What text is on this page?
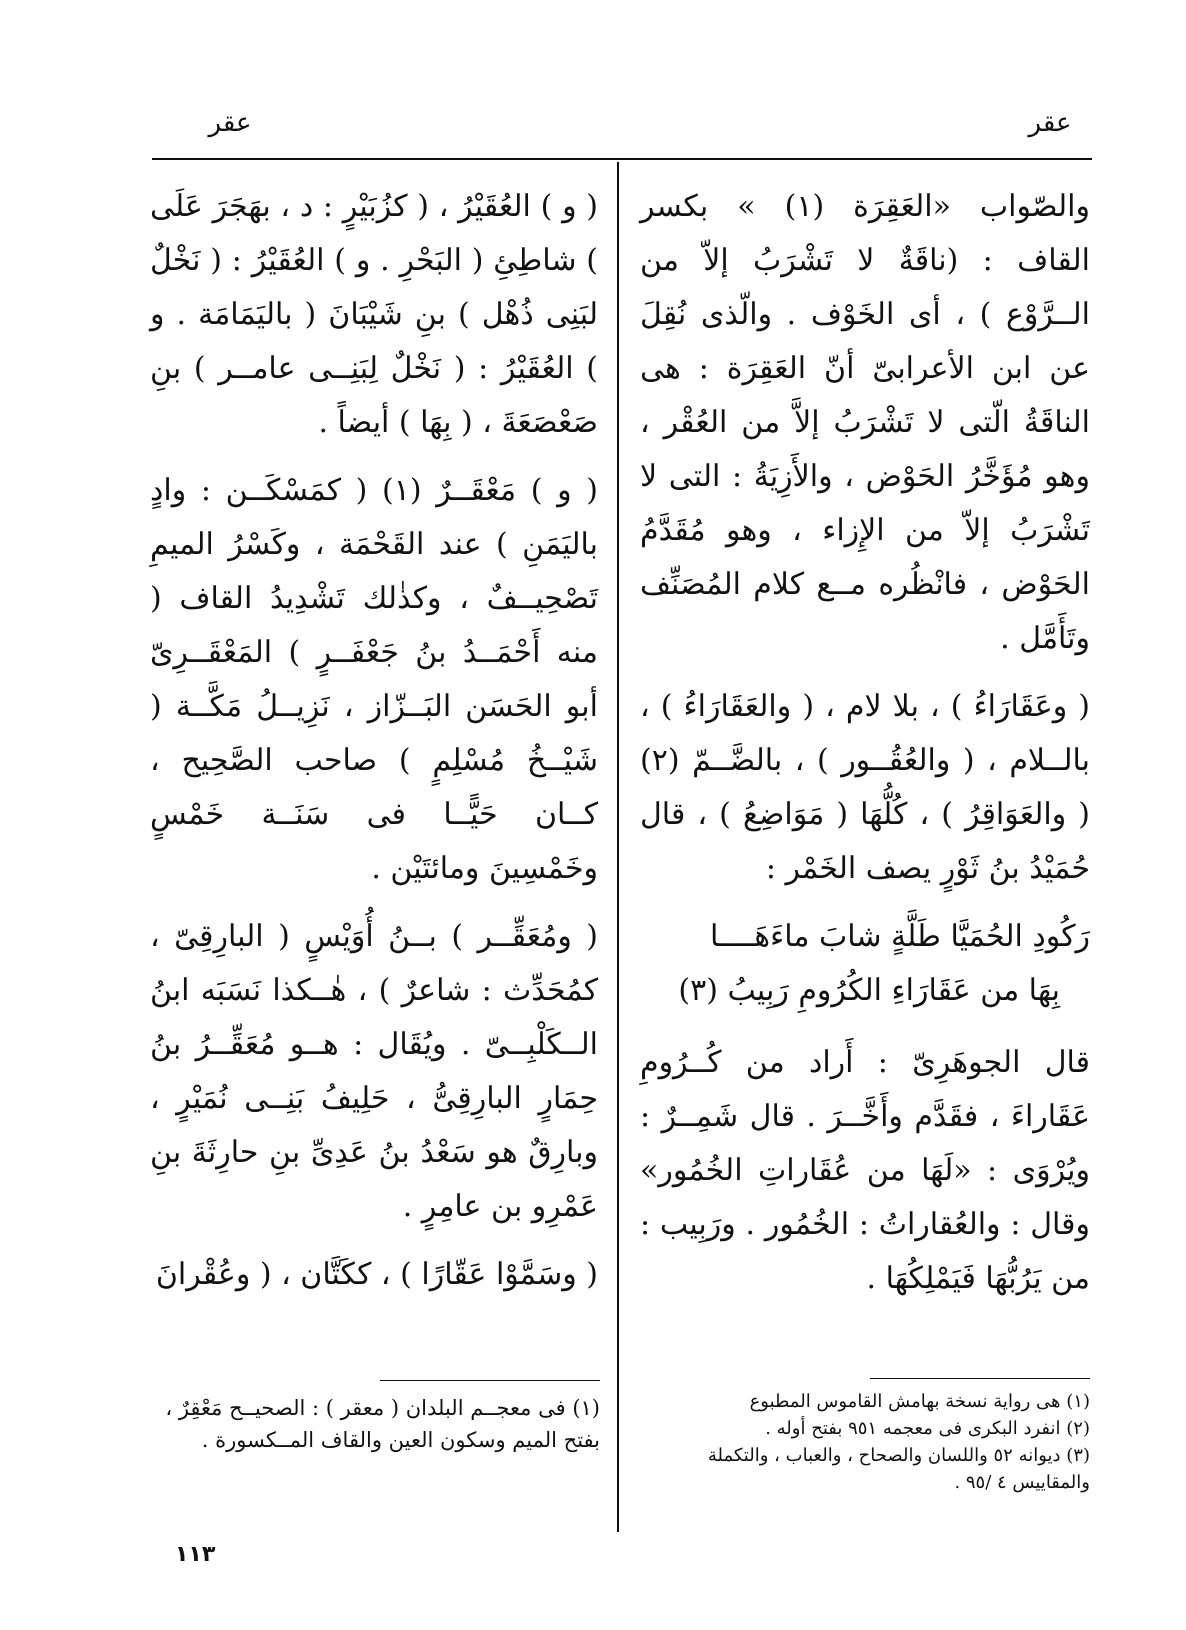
عقر
عقر

والصّواب «العَقِرَة (١) » بكسر القاف : (ناقَةٌ لا تَشْرَبُ إلاّ من الــرَّوْع ) ، أى الخَوْف . والّذى نُقِلَ عن ابن الأعرابىّ أنّ العَقِرَة : هى الناقَةُ الّتى لا تَشْرَبُ إلاَّ من العُقْر ، وهو مُؤَخَّرُ الحَوْض ، والأَزِيَةُ : التى لا تَشْرَبُ إلاّ من الإِزاء ، وهو مُقَدَّمُ الحَوْض ، فانْظُره مــع كلام المُصَنِّف وتَأَمَّل .

( وعَقَارَاءُ ) ، بلا لام ، ( والعَقَارَاءُ ) ، بالــلام ، ( والعُقُــور ) ، بالضَّــمّ (٢) ( والعَوَاقِرُ ) ، كُلُّهَا ( مَوَاضِعُ ) ، قال حُمَيْدُ بنُ ثَوْرٍ يصف الخَمْر :

رَكُودِ الحُمَيَّا طَلَّةٍ شابَ ماءَهَــــا
بِهَا من عَقَارَاءِ الكُرُومِ رَبِيبُ (٣)

قال الجوهَرِىّ : أَراد من كُــرُومِ عَقَاراءَ ، فقَدَّم وأَخَّــرَ . قال شَمِــرٌ : ويُرْوَى : «لَهَا من عُقَاراتِ الخُمُور» وقال : والعُقاراتُ : الخُمُور . ورَبِيب : من يَرُبُّهَا فَيَمْلِكُهَا .

( و ) العُقَيْرُ ، ( كزُبَيْرٍ : د ، بهَجَرَ عَلَى ) شاطِئِ ( البَحْرِ . و ) العُقَيْرُ : ( نَخْلٌ لبَنِى ذُهْل ) بنِ شَيْبَانَ ( باليَمَامَة . و ) العُقَيْرُ : ( نَخْلٌ لِبَنِــى عامــر ) بنِ صَعْصَعَةَ ، ( بِهَا ) أيضاً .

( و ) مَعْقَــرٌ (١) ( كمَسْكَــن : وادٍ باليَمَنِ ) عند القَحْمَة ، وكَسْرُ الميمِ تَصْحِيــفٌ ، وكذٰلك تَشْدِيدُ القاف ( منه أَحْمَــدُ بنُ جَعْفَــرٍ ) المَعْقَــرِىّ أبو الحَسَن البَــزّاز ، نَزِيــلُ مَكَّــة ( شَيْــخُ مُسْلِمٍ ) صاحب الصَّحِيح ، كــان حَيًّــا فى سَنَــة خَمْسٍ وخَمْسِينَ ومائتَيْن .

( ومُعَقِّــر ) بــنُ أُوَيْسٍ ( البارِقِىّ ، كمُحَدِّث : شاعرٌ ) ، هٰــكذا نَسَبَه ابنُ الــكَلْبِــىّ . ويُقَال : هــو مُعَقِّــرُ بنُ حِمَارٍ البارِقِىُّ ، حَلِيفُ بَنِــى نُمَيْرٍ ، وبارِقٌ هو سَعْدُ بنُ عَدِىِّ بنِ حارِثَةَ بنِ عَمْرِو بن عامِرٍ .

( وسَمَّوْا عَقّارًا ) ، ككَتَّان ، ( وعُقْرانَ

(١) هى رواية نسخة بهامش القاموس المطبوع
(٢) انفرد البكرى فى معجمه ٩٥١ بفتح أوله .
(٣) ديوانه ٥٢ واللسان والصحاح ، والعباب ، والتكملة والمقاييس ٤ /٩٥ .
(١) فى معجــم البلدان ( معقر ) : الصحيــح مَعْقِرٌ ، بفتح الميم وسكون العين والقاف المــكسورة .
١١٣
